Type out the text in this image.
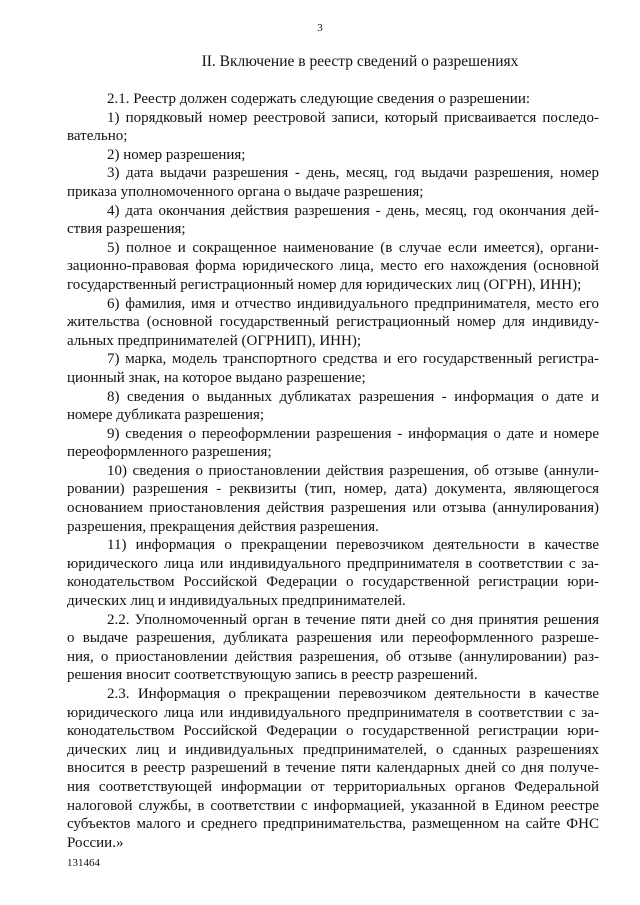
3
II. Включение в реестр сведений о разрешениях
2.1. Реестр должен содержать следующие сведения о разрешении:
1) порядковый номер реестровой записи, который присваивается последо-
вательно;
2) номер разрешения;
3) дата выдачи разрешения - день, месяц, год выдачи разрешения, номер
приказа уполномоченного органа о выдаче разрешения;
4) дата окончания действия разрешения - день, месяц, год окончания дей-
ствия разрешения;
5) полное и сокращенное наименование (в случае если имеется), органи-
зационно-правовая форма юридического лица, место его нахождения (основной
государственный регистрационный номер для юридических лиц (ОГРН), ИНН);
6) фамилия, имя и отчество индивидуального предпринимателя, место его
жительства (основной государственный регистрационный номер для индивиду-
альных предпринимателей (ОГРНИП), ИНН);
7) марка, модель транспортного средства и его государственный регистра-
ционный знак, на которое выдано разрешение;
8) сведения о выданных дубликатах разрешения - информация о дате и
номере дубликата разрешения;
9) сведения о переоформлении разрешения - информация о дате и номере
переоформленного разрешения;
10) сведения о приостановлении действия разрешения, об отзыве (аннули-
ровании) разрешения - реквизиты (тип, номер, дата) документа, являющегося
основанием приостановления действия разрешения или отзыва (аннулирования)
разрешения, прекращения действия разрешения.
11) информация о прекращении перевозчиком деятельности в качестве
юридического лица или индивидуального предпринимателя в соответствии с за-
конодательством Российской Федерации о государственной регистрации юри-
дических лиц и индивидуальных предпринимателей.
2.2. Уполномоченный орган в течение пяти дней со дня принятия решения
о выдаче разрешения, дубликата разрешения или переоформленного разреше-
ния, о приостановлении действия разрешения, об отзыве (аннулировании) раз-
решения вносит соответствующую запись в реестр разрешений.
2.3. Информация о прекращении перевозчиком деятельности в качестве
юридического лица или индивидуального предпринимателя в соответствии с за-
конодательством Российской Федерации о государственной регистрации юри-
дических лиц и индивидуальных предпринимателей, о сданных разрешениях
вносится в реестр разрешений в течение пяти календарных дней со дня получе-
ния соответствующей информации от территориальных органов Федеральной
налоговой службы, в соответствии с информацией, указанной в Едином реестре
субъектов малого и среднего предпринимательства, размещенном на сайте ФНС
России.»
131464
